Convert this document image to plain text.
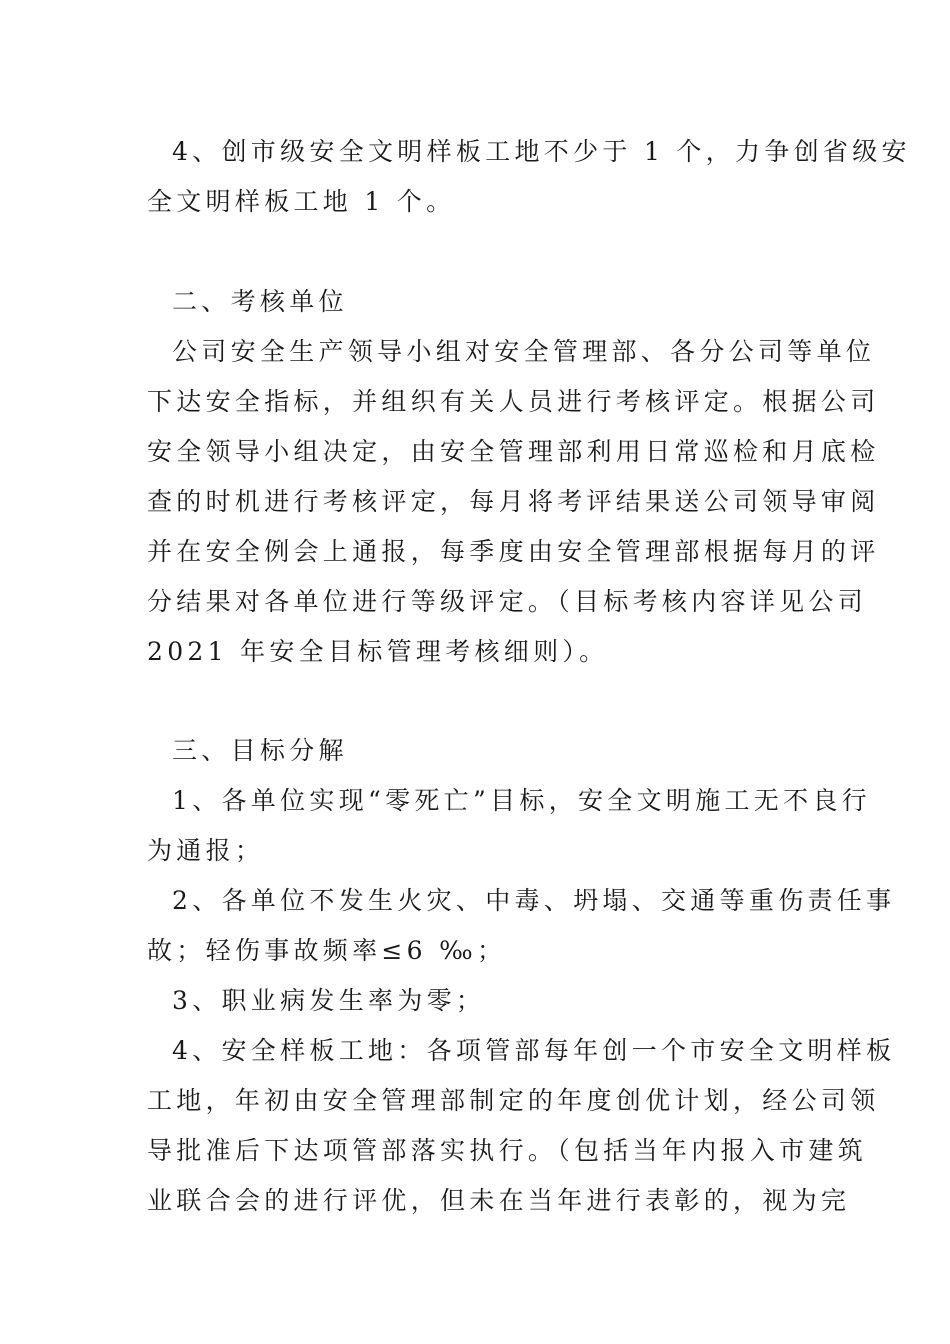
4、创市级安全文明样板工地不少于 1 个，力争创省级安
全文明样板工地 1 个。
二、考核单位
公司安全生产领导小组对安全管理部、各分公司等单位
下达安全指标，并组织有关人员进行考核评定。根据公司
安全领导小组决定，由安全管理部利用日常巡检和月底检
查的时机进行考核评定，每月将考评结果送公司领导审阅
并在安全例会上通报，每季度由安全管理部根据每月的评
分结果对各单位进行等级评定。（目标考核内容详见公司
2021 年安全目标管理考核细则）。
三、目标分解
1、各单位实现“零死亡”目标，安全文明施工无不良行
为通报；
2、各单位不发生火灾、中毒、坍塌、交通等重伤责任事
故；轻伤事故频率≤6 ‰；
3、职业病发生率为零；
4、安全样板工地：各项管部每年创一个市安全文明样板
工地，年初由安全管理部制定的年度创优计划，经公司领
导批准后下达项管部落实执行。（包括当年内报入市建筑
业联合会的进行评优，但未在当年进行表彰的，视为完
